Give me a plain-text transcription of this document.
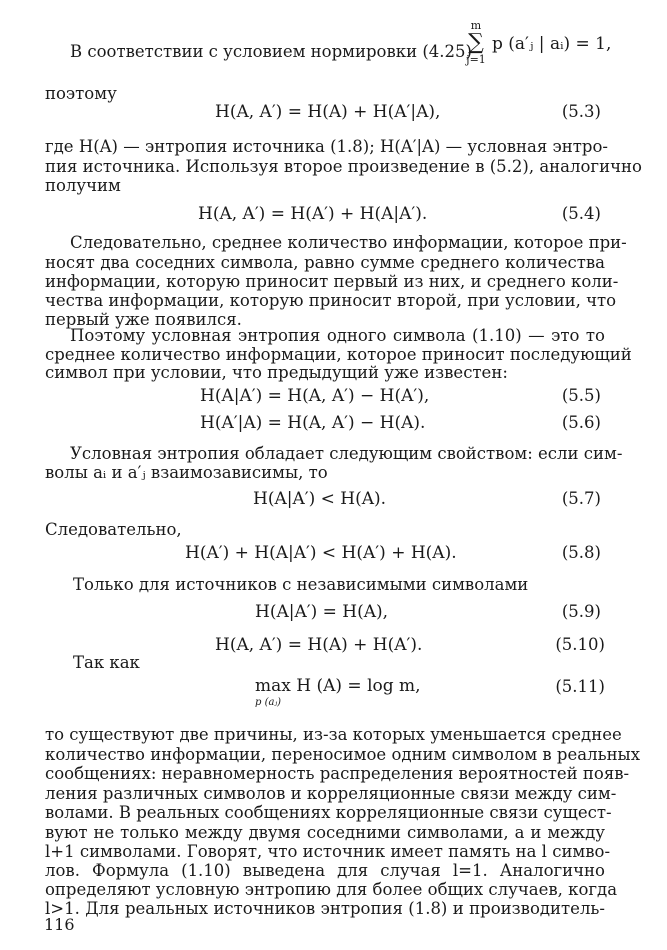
В соответствии с условием нормировки (4.25)
m
∑
j=1
p (a′ⱼ | aᵢ) = 1,
поэтому
H(A, A′) = H(A) + H(A′|A),	(5.3)
где H(A) — энтропия источника (1.8); H(A′|A) — условная энтро-
пия источника. Используя второе произведение в (5.2), аналогично
получим
H(A, A′) = H(A′) + H(A|A′).	(5.4)
Следовательно, среднее количество информации, которое при-
носят два соседних символа, равно сумме среднего количества
информации, которую приносит первый из них, и среднего коли-
чества информации, которую приносит второй, при условии, что
первый уже появился.
Поэтому условная энтропия одного символа (1.10) — это то
среднее количество информации, которое приносит последующий
символ при условии, что предыдущий уже известен:
H(A|A′) = H(A, A′) − H(A′),	(5.5)
H(A′|A) = H(A, A′) − H(A).	(5.6)
Условная энтропия обладает следующим свойством: если сим-
волы aᵢ и a′ⱼ взаимозависимы, то
H(A|A′) < H(A).	(5.7)
Следовательно,
H(A′) + H(A|A′) < H(A′) + H(A).	(5.8)
Только для источников с независимыми символами
H(A|A′) = H(A),	(5.9)
H(A, A′) = H(A) + H(A′).	(5.10)
Так как
max H (A) = log m,
p (aⱼ)
(5.11)
то существуют две причины, из-за которых уменьшается среднее
количество информации, переносимое одним символом в реальных
сообщениях: неравномерность распределения вероятностей появ-
ления различных символов и корреляционные связи между сим-
волами. В реальных сообщениях корреляционные связи сущест-
вуют не только между двумя соседними символами, а и между
l+1 символами. Говорят, что источник имеет память на l симво-
лов. Формула (1.10) выведена для случая l=1. Аналогично
определяют условную энтропию для более общих случаев, когда
l>1. Для реальных источников энтропия (1.8) и производитель-
116
